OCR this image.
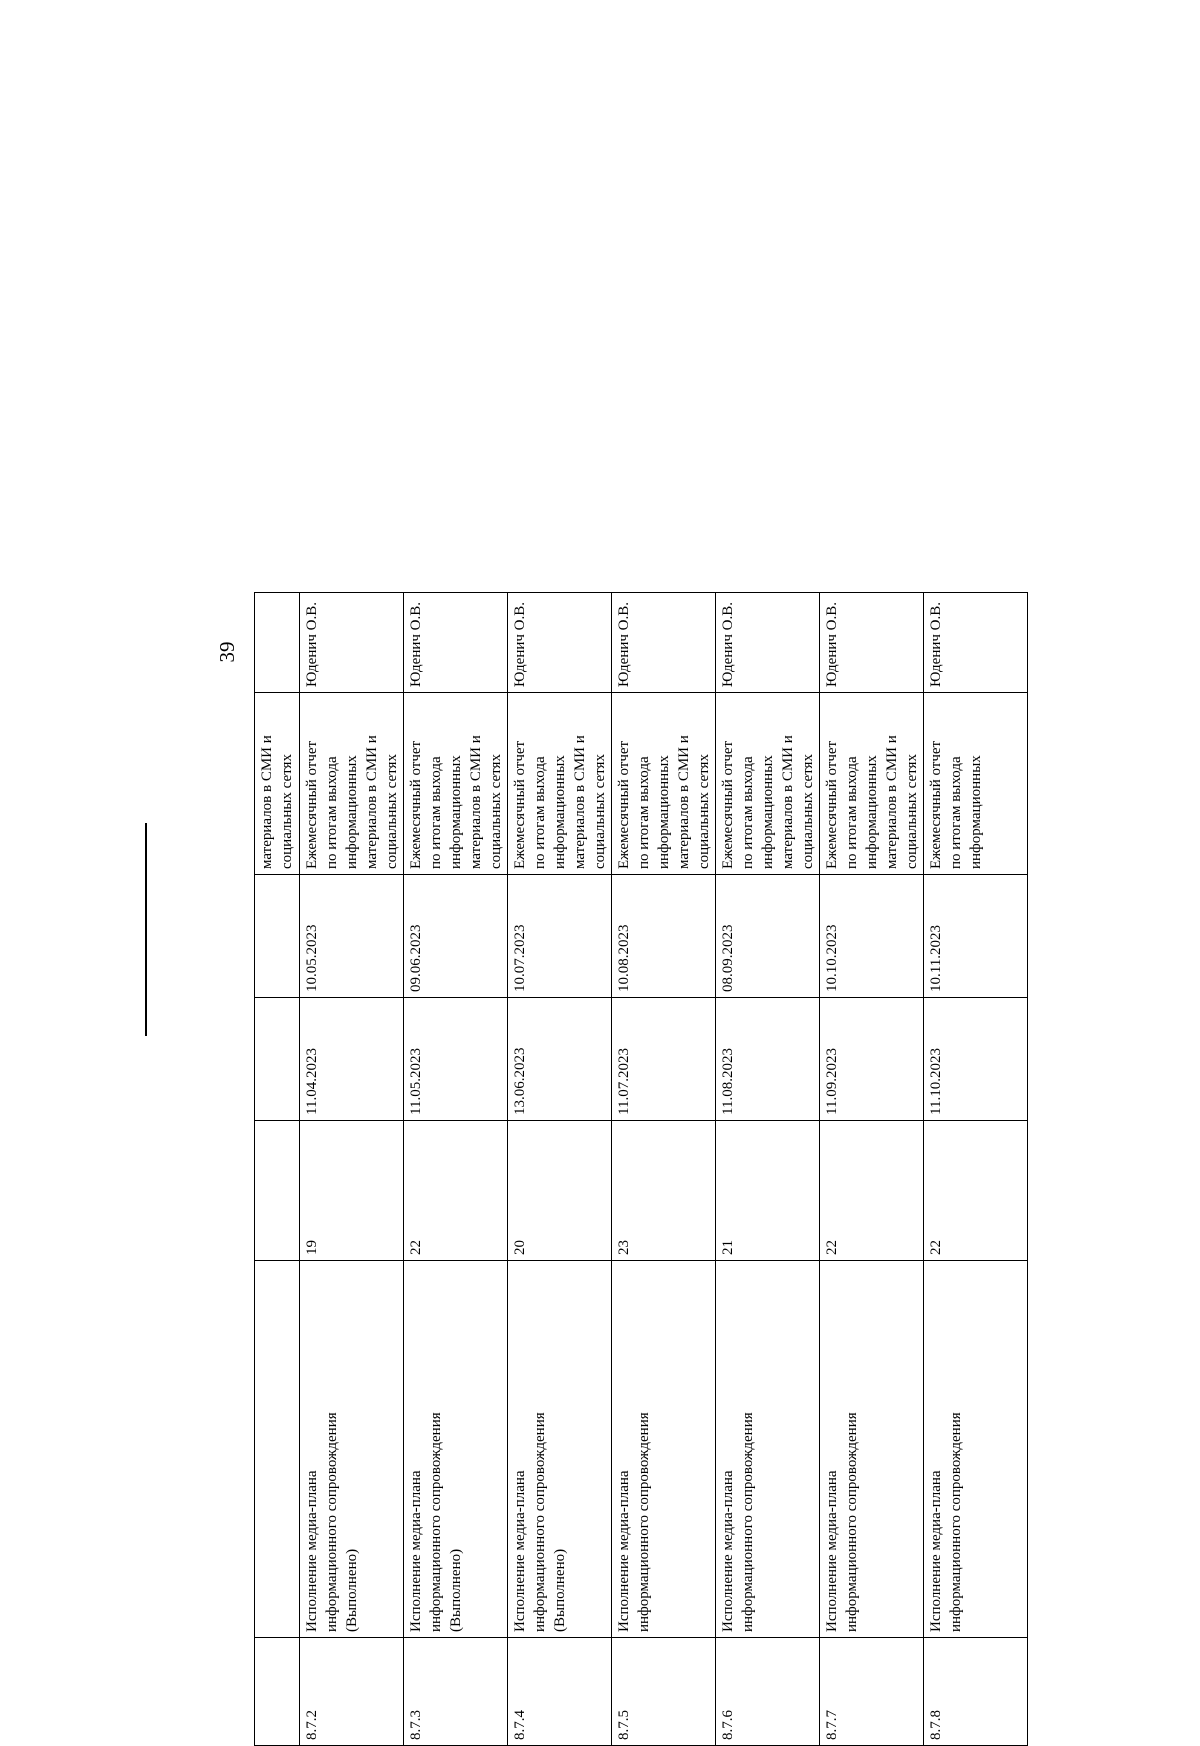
39

					материалов в СМИ и
социальных сетях	

8.7.2	Исполнение медиа-плана
информационного сопровождения
(Выполнено)	19	11.04.2023	10.05.2023	Ежемесячный отчет
по итогам выхода
информационных
материалов в СМИ и
социальных сетях	Юденич О.В.

8.7.3	Исполнение медиа-плана
информационного сопровождения
(Выполнено)	22	11.05.2023	09.06.2023	Ежемесячный отчет
по итогам выхода
информационных
материалов в СМИ и
социальных сетях	Юденич О.В.

8.7.4	Исполнение медиа-плана
информационного сопровождения
(Выполнено)	20	13.06.2023	10.07.2023	Ежемесячный отчет
по итогам выхода
информационных
материалов в СМИ и
социальных сетях	Юденич О.В.

8.7.5	Исполнение медиа-плана
информационного сопровождения	23	11.07.2023	10.08.2023	Ежемесячный отчет
по итогам выхода
информационных
материалов в СМИ и
социальных сетях	Юденич О.В.

8.7.6	Исполнение медиа-плана
информационного сопровождения	21	11.08.2023	08.09.2023	Ежемесячный отчет
по итогам выхода
информационных
материалов в СМИ и
социальных сетях	Юденич О.В.

8.7.7	Исполнение медиа-плана
информационного сопровождения	22	11.09.2023	10.10.2023	Ежемесячный отчет
по итогам выхода
информационных
материалов в СМИ и
социальных сетях	Юденич О.В.

8.7.8	Исполнение медиа-плана
информационного сопровождения	22	11.10.2023	10.11.2023	Ежемесячный отчет
по итогам выхода
информационных	Юденич О.В.
